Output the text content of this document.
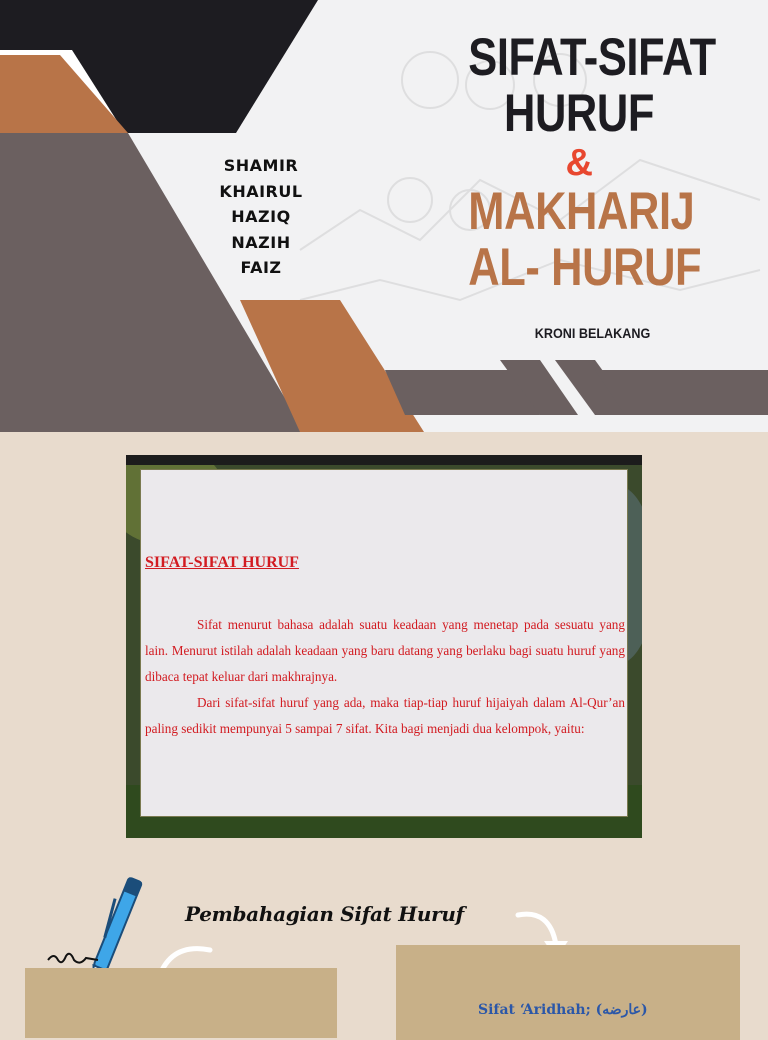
SHAMIR
KHAIRUL
HAZIQ
NAZIH
FAIZ
SIFAT-SIFAT
HURUF
&
MAKHARIJ
AL- HURUF
KRONI BELAKANG
SIFAT-SIFAT HURUF

Sifat menurut bahasa adalah suatu keadaan yang menetap pada sesuatu yang lain. Menurut istilah adalah keadaan yang baru datang yang berlaku bagi suatu huruf yang dibaca tepat keluar dari makhrajnya.

Dari sifat-sifat huruf yang ada, maka tiap-tiap huruf hijaiyah dalam Al-Qur’an paling sedikit mempunyai 5 sampai 7 sifat. Kita bagi menjadi dua kelompok, yaitu:

Pembahagian Sifat Huruf
Sifat ‘Aridhah; (عارضه)
